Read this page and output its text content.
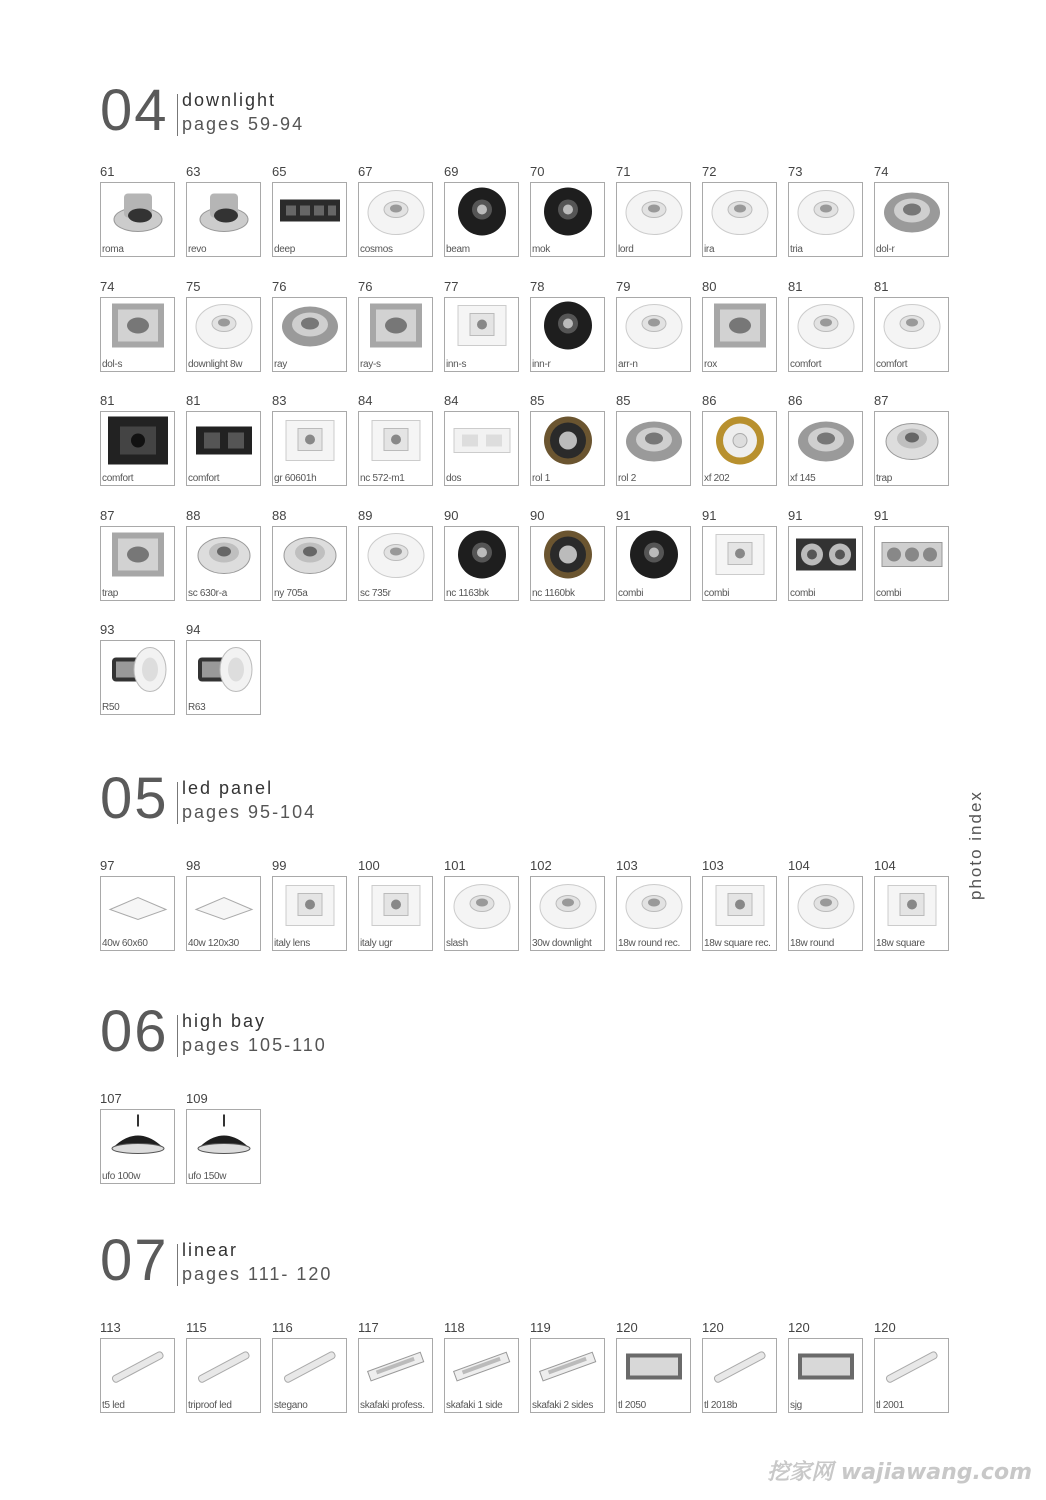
04 downlight
pages 59-94
61
roma
63
revo
65
deep
67
cosmos
69
beam
70
mok
71
lord
72
ira
73
tria
74
dol-r
74
dol-s
75
downlight 8w
76
ray
76
ray-s
77
inn-s
78
inn-r
79
arr-n
80
rox
81
comfort
81
comfort
81
comfort
81
comfort
83
gr 60601h
84
nc 572-m1
84
dos
85
rol 1
85
rol 2
86
xf 202
86
xf 145
87
trap
87
trap
88
sc 630r-a
88
ny 705a
89
sc 735r
90
nc 1163bk
90
nc 1160bk
91
combi
91
combi
91
combi
91
combi
93
R50
94
R63
05 led panel
pages 95-104
97
40w 60x60
98
40w 120x30
99
italy lens
100
italy ugr
101
slash
102
30w downlight
103
18w round rec.
103
18w square rec.
104
18w round
104
18w square
06 high bay
pages 105-110
107
ufo 100w
109
ufo 150w
07 linear
pages 111- 120
113
t5 led
115
triproof led
116
stegano
117
skafaki profess.
118
skafaki 1 side
119
skafaki 2 sides
120
tl 2050
120
tl 2018b
120
sjg
120
tl 2001
photo index
挖家网 wajiawang.com
